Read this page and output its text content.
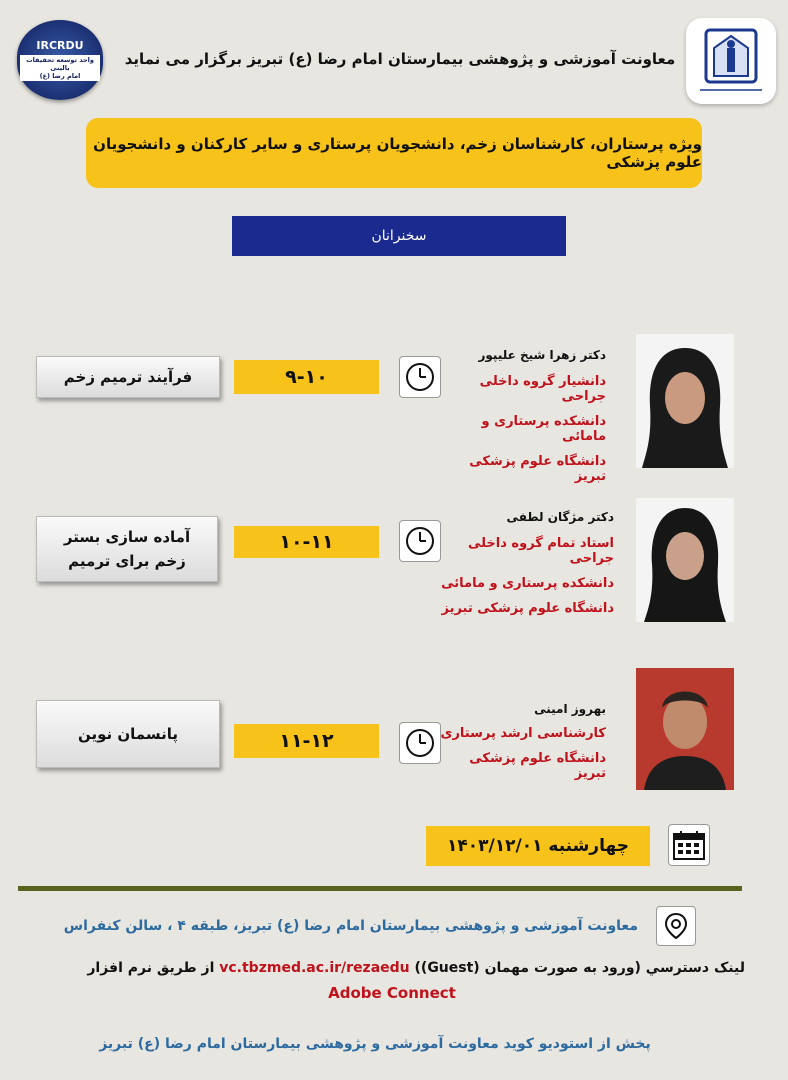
IRCRDU
واحد توسعه تحقیقات بالینی
امام رضا (ع)
معاونت آموزشی و پژوهشی بیمارستان امام رضا (ع) تبریز برگزار می نماید
ویژه پرستاران، کارشناسان زخم، دانشجویان پرستاری و سایر کارکنان و دانشجویان علوم پزشکی
سخنرانان
فرآیند ترمیم زخم	۹-۱۰
دکتر زهرا شیخ علیپور
دانشیار گروه داخلی جراحی
دانشکده پرستاری و مامائی
دانشگاه علوم پزشکی تبریز
آماده سازی بستر زخم برای ترمیم
۱۰-۱۱
دکتر مژگان لطفی
استاد تمام گروه داخلی جراحی
دانشکده پرستاری و مامائی
دانشگاه علوم پزشکی تبریز
پانسمان نوین	۱۱-۱۲
بهروز امینی
کارشناسی ارشد پرستاری
دانشگاه علوم پزشکی تبریز
چهارشنبه ۱۴۰۳/۱۲/۰۱
معاونت آموزشی و پژوهشی بیمارستان امام رضا (ع) تبریز، طبقه ۴ ، سالن کنفراس
لینک دسترسي (ورود به صورت مهمان (Guest)) vc.tbzmed.ac.ir/rezaedu از طریق نرم افزار
Adobe Connect
پخش از استودیو کوید معاونت آموزشی و پژوهشی بیمارستان امام رضا (ع) تبریز
